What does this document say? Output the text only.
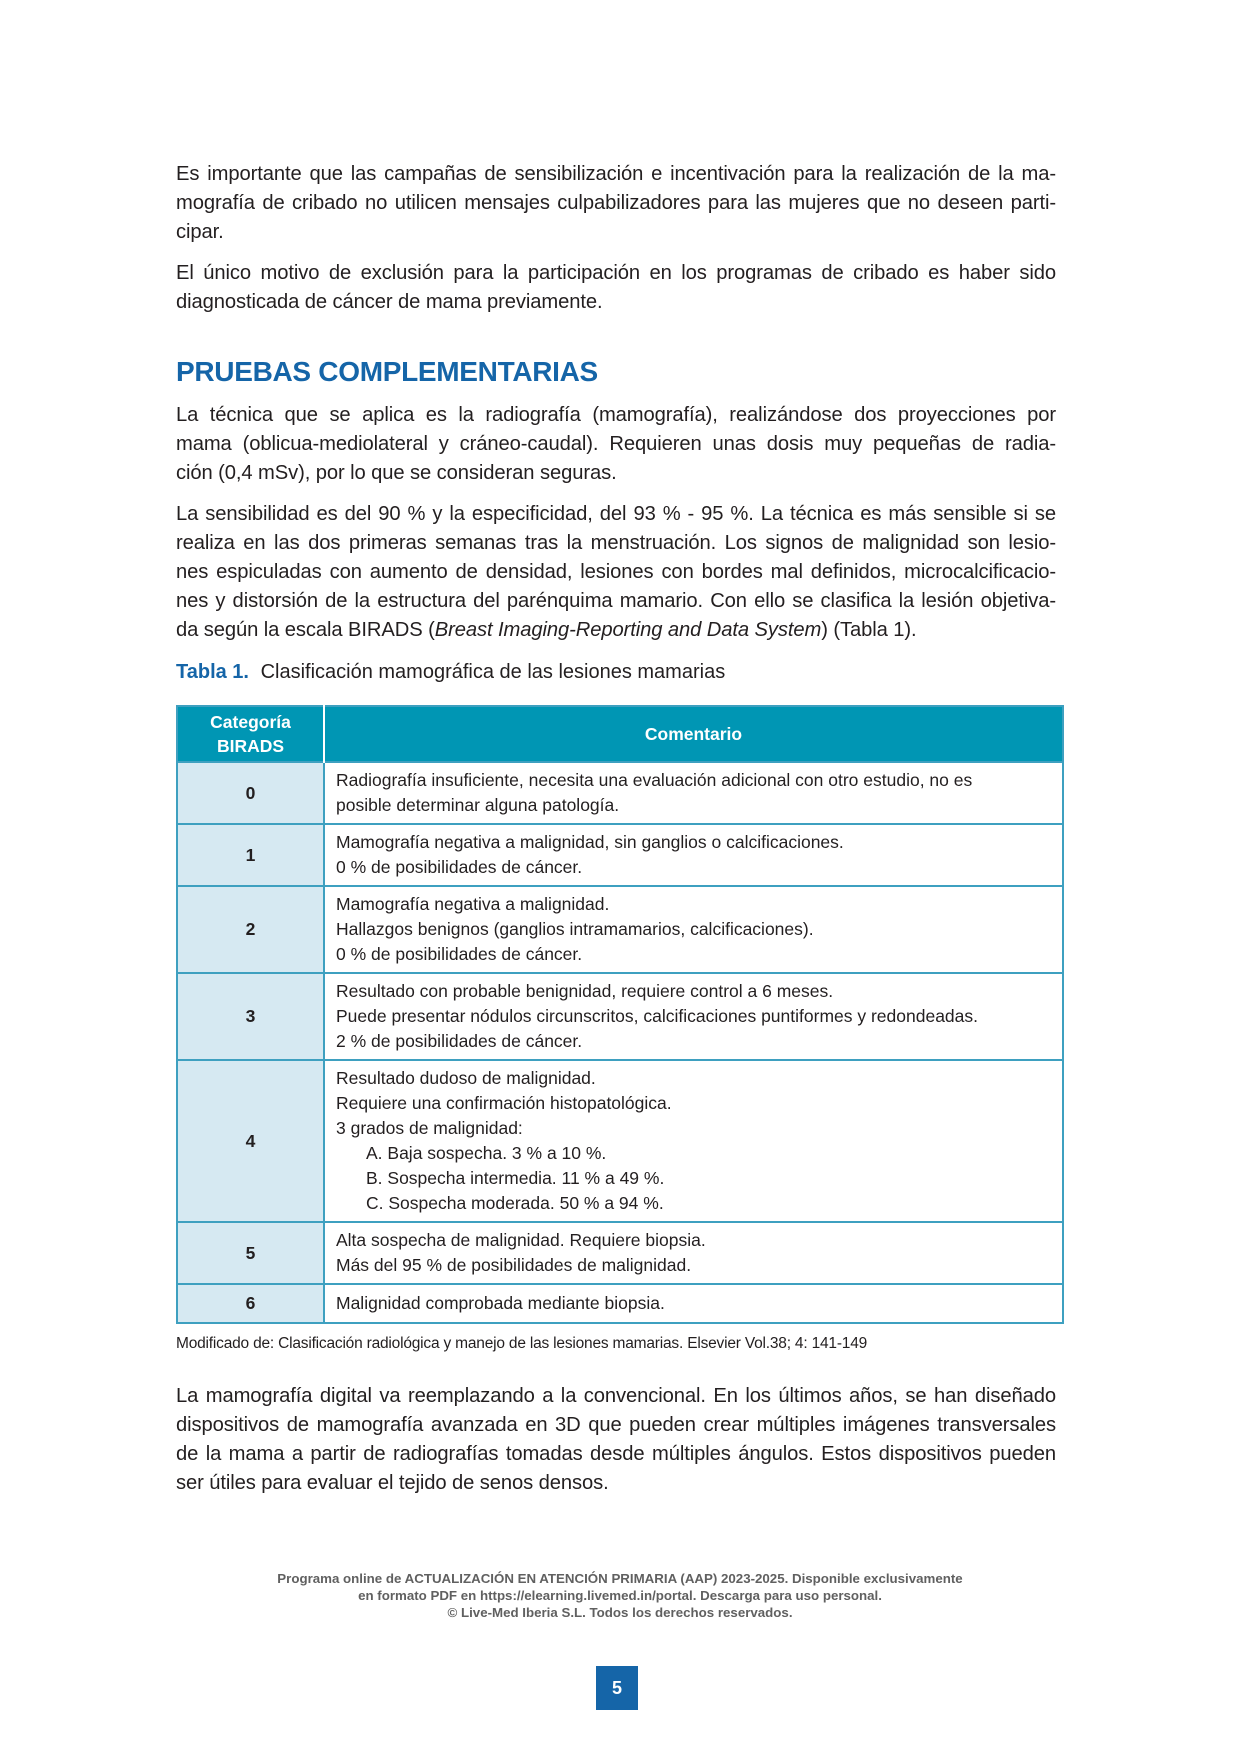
Es importante que las campañas de sensibilización e incentivación para la realización de la ma-
mografía de cribado no utilicen mensajes culpabilizadores para las mujeres que no deseen parti-
cipar.

El único motivo de exclusión para la participación en los programas de cribado es haber sido
diagnosticada de cáncer de mama previamente.

PRUEBAS COMPLEMENTARIAS

La técnica que se aplica es la radiografía (mamografía), realizándose dos proyecciones por
mama (oblicua-mediolateral y cráneo-caudal). Requieren unas dosis muy pequeñas de radia-
ción (0,4 mSv), por lo que se consideran seguras.

La sensibilidad es del 90 % y la especificidad, del 93 % - 95 %. La técnica es más sensible si se
realiza en las dos primeras semanas tras la menstruación. Los signos de malignidad son lesio-
nes espiculadas con aumento de densidad, lesiones con bordes mal definidos, microcalcificacio-
nes y distorsión de la estructura del parénquima mamario. Con ello se clasifica la lesión objetiva-
da según la escala BIRADS (Breast Imaging-Reporting and Data System) (Tabla 1).

Tabla 1. Clasificación mamográfica de las lesiones mamarias
Categoría
BIRADS	Comentario
0	Radiografía insuficiente, necesita una evaluación adicional con otro estudio, no es
posible determinar alguna patología.

1	Mamografía negativa a malignidad, sin ganglios o calcificaciones.
0 % de posibilidades de cáncer.

2	Mamografía negativa a malignidad.
Hallazgos benignos (ganglios intramamarios, calcificaciones).
0 % de posibilidades de cáncer.

3	Resultado con probable benignidad, requiere control a 6 meses.
Puede presentar nódulos circunscritos, calcificaciones puntiformes y redondeadas.
2 % de posibilidades de cáncer.

4	
Resultado dudoso de malignidad.
Requiere una confirmación histopatológica.
3 grados de malignidad:
A. Baja sospecha. 3 % a 10 %.
B. Sospecha intermedia. 11 % a 49 %.
C. Sospecha moderada. 50 % a 94 %.

5	Alta sospecha de malignidad. Requiere biopsia.
Más del 95 % de posibilidades de malignidad.

6	Malignidad comprobada mediante biopsia.
Modificado de: Clasificación radiológica y manejo de las lesiones mamarias. Elsevier Vol.38; 4: 141-149

La mamografía digital va reemplazando a la convencional. En los últimos años, se han diseñado
dispositivos de mamografía avanzada en 3D que pueden crear múltiples imágenes transversales
de la mama a partir de radiografías tomadas desde múltiples ángulos. Estos dispositivos pueden
ser útiles para evaluar el tejido de senos densos.

Programa online de ACTUALIZACIÓN EN ATENCIÓN PRIMARIA (AAP) 2023-2025. Disponible exclusivamente
en formato PDF en https://elearning.livemed.in/portal. Descarga para uso personal.
© Live-Med Iberia S.L. Todos los derechos reservados.
5
